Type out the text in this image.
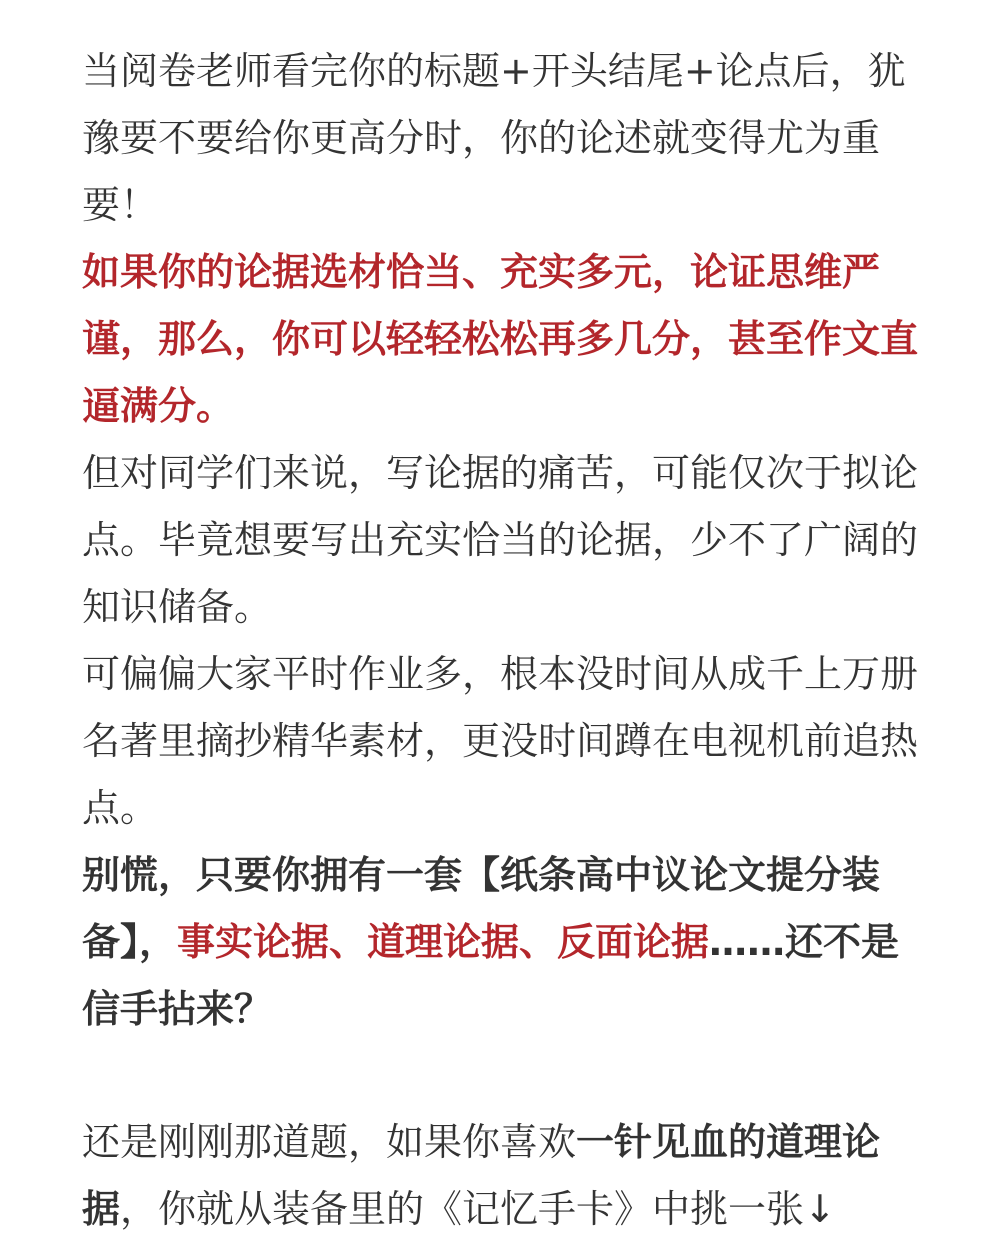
当阅卷老师看完你的标题+开头结尾+论点后，犹豫要不要给你更高分时，你的论述就变得尤为重要！

如果你的论据选材恰当、充实多元，论证思维严谨，那么，你可以轻轻松松再多几分，甚至作文直逼满分。

但对同学们来说，写论据的痛苦，可能仅次于拟论点。毕竟想要写出充实恰当的论据，少不了广阔的知识储备。

可偏偏大家平时作业多，根本没时间从成千上万册名著里摘抄精华素材，更没时间蹲在电视机前追热点。

别慌，只要你拥有一套【纸条高中议论文提分装备】，事实论据、道理论据、反面论据……还不是信手拈来？

还是刚刚那道题，如果你喜欢一针见血的道理论据，你就从装备里的《记忆手卡》中挑一张↓
